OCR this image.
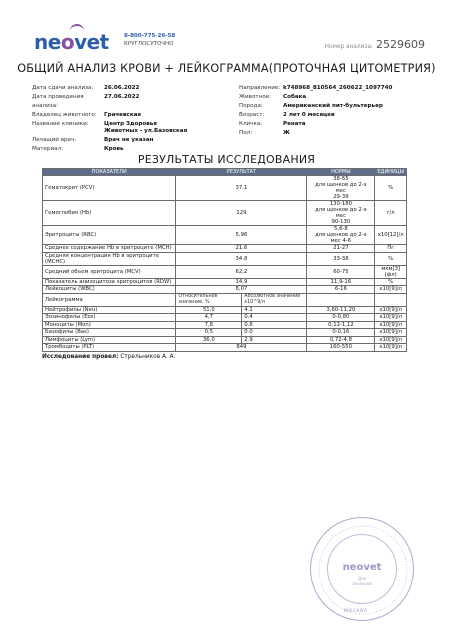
neovet	8-800-775-26-58
КРУГЛОСУТОЧНО	Номер анализа: 2529609
ОБЩИЙ АНАЛИЗ КРОВИ + ЛЕЙКОГРАММА(ПРОТОЧНАЯ ЦИТОМЕТРИЯ)
Дата сдачи анализа:	26.06.2022
Дата проведения анализа:
27.06.2022
Владелец животного:	Грачевская
Название клиники:	Центр Здоровья Животных - ул.Базовская
Лечащий врач:	Врач не указан
Материал:	Кровь
Направление: k748968_810564_260622_1097740
Животное:	Собака
Порода:	Американский пит-бультерьер
Возраст:	2 лет 0 месяцев
Кличка:	Рената
Пол:	Ж
РЕЗУЛЬТАТЫ ИССЛЕДОВАНИЯ
ПОКАЗАТЕЛИ	РЕЗУЛЬТАТ		НОРМЫ	ЕДИНИЦЫ
Гематокрит (PCV)	37.1		38-55
для щенков до 2-х мес
29-39	%
Гемоглобин (Hb)	129		130-180
для щенков до 2-х мес
90-130	г/л
Эритроциты (RBC)	5,96		5,6-8
для щенков до 2-х мес 4-6	x10[12]/л
Среднее содержание Hb в эритроците (MCH)	21.6		21-27	Пг
Средняя концентрация Hb в эритроците (MCHC)	34.8		33-38	%
Средний объем эритроцита (MCV)	62,2		60-75	мкм[3](фл)
Показатель анизоцитоза эритроцитов (RDW)	14,9		11,9-16	%
Лейкоциты (WBC)	8,07		6-16	x10[9]/л
Лейкограмма	Относительное значение, %	Абсолютное значение x10^9/л		
Нейтрофилы (Neu)	51,0	4.1	3,60-11,20	x10[9]/л
Эозинофилы (Eos)	4,7	0.4	0-0,80	x10[9]/л
Моноциты (Mon)	7,8	0.6	0,12-1,12	x10[9]/л
Базофилы (Bas)	0,5	0.0	0-0,16	x10[9]/л
Лимфоциты (Lym)	36,0	2.9	0,72-4,8	x10[9]/л
Тромбоциты (PLT)	849		160-550	x10[9]/л
Исследование провел: Стрельников А. А.
neovet
Для
анализов
МОСКВА
